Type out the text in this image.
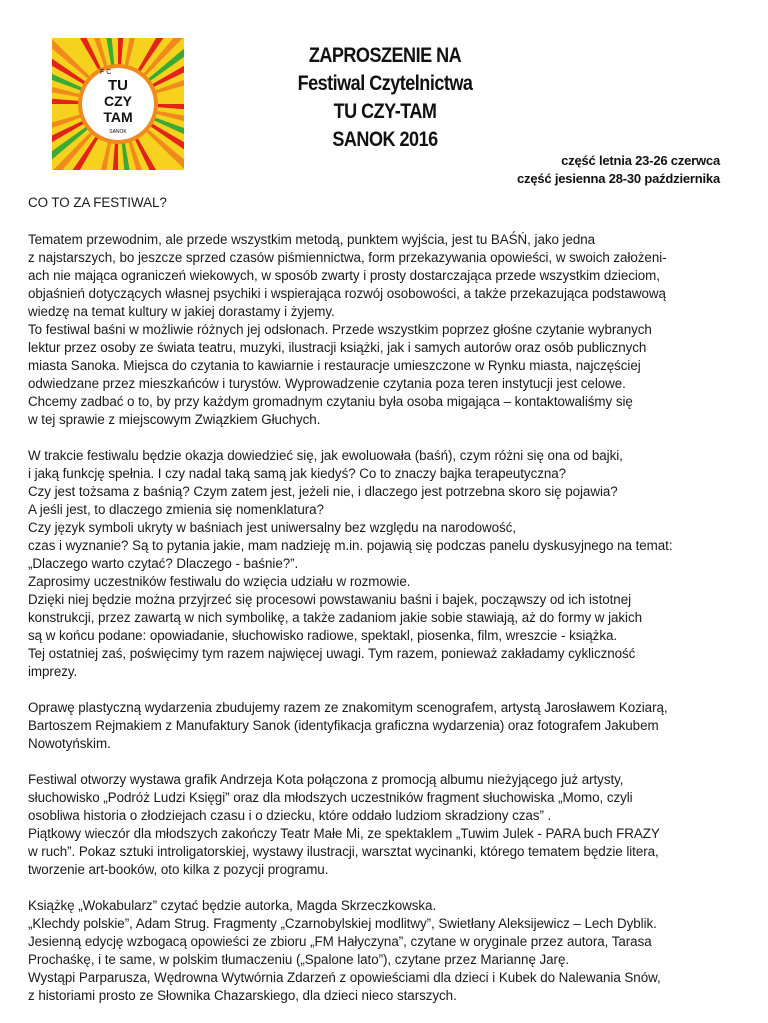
F C
TU
CZY
TAM
SANOK
ZAPROSZENIE NA
Festiwal Czytelnictwa
TU CZY-TAM
SANOK 2016
część letnia 23-26 czerwca
część jesienna 28-30 października
CO TO ZA FESTIWAL?
Tematem przewodnim, ale przede wszystkim metodą, punktem wyjścia, jest tu BAŚŃ, jako jedna
z najstarszych, bo jeszcze sprzed czasów piśmiennictwa, form przekazywania opowieści, w swoich założeni-
ach nie mająca ograniczeń wiekowych, w sposób zwarty i prosty dostarczająca przede wszystkim dzieciom,
objaśnień dotyczących własnej psychiki i wspierająca rozwój osobowości, a także przekazująca podstawową
wiedzę na temat kultury w jakiej dorastamy i żyjemy.
To festiwal baśni w możliwie różnych jej odsłonach. Przede wszystkim poprzez głośne czytanie wybranych
lektur przez osoby ze świata teatru, muzyki, ilustracji książki, jak i samych autorów oraz osób publicznych
miasta Sanoka. Miejsca do czytania to kawiarnie i restauracje umieszczone w Rynku miasta, najczęściej
odwiedzane przez mieszkańców i turystów. Wyprowadzenie czytania poza teren instytucji jest celowe.
Chcemy zadbać o to, by przy każdym gromadnym czytaniu była osoba migająca – kontaktowaliśmy się
w tej sprawie z miejscowym Związkiem Głuchych.
W trakcie festiwalu będzie okazja dowiedzieć się, jak ewoluowała (baśń), czym różni się ona od bajki,
i jaką funkcję spełnia. I czy nadal taką samą jak kiedyś? Co to znaczy bajka terapeutyczna?
Czy jest tożsama z baśnią? Czym zatem jest, jeżeli nie, i dlaczego jest potrzebna skoro się pojawia?
A jeśli jest, to dlaczego zmienia się nomenklatura?
Czy język symboli ukryty w baśniach jest uniwersalny bez względu na narodowość,
czas i wyznanie? Są to pytania jakie, mam nadzieję m.in. pojawią się podczas panelu dyskusyjnego na temat:
„Dlaczego warto czytać? Dlaczego - baśnie?”.
Zaprosimy uczestników festiwalu do wzięcia udziału w rozmowie.
Dzięki niej będzie można przyjrzeć się procesowi powstawaniu baśni i bajek, począwszy od ich istotnej
konstrukcji, przez zawartą w nich symbolikę, a także zadaniom jakie sobie stawiają, aż do formy w jakich
są w końcu podane: opowiadanie, słuchowisko radiowe, spektakl, piosenka, film, wreszcie - książka.
Tej ostatniej zaś, poświęcimy tym razem najwięcej uwagi. Tym razem, ponieważ zakładamy cykliczność
imprezy.
Oprawę plastyczną wydarzenia zbudujemy razem ze znakomitym scenografem, artystą Jarosławem Koziarą,
Bartoszem Rejmakiem z Manufaktury Sanok (identyfikacja graficzna wydarzenia) oraz fotografem Jakubem
Nowotyńskim.
Festiwal otworzy wystawa grafik Andrzeja Kota połączona z promocją albumu nieżyjącego już artysty,
słuchowisko „Podróż Ludzi Księgi” oraz dla młodszych uczestników fragment słuchowiska „Momo, czyli
osobliwa historia o złodziejach czasu i o dziecku, które oddało ludziom skradziony czas” .
Piątkowy wieczór dla młodszych zakończy Teatr Małe Mi, ze spektaklem „Tuwim Julek - PARA buch FRAZY
w ruch”. Pokaz sztuki introligatorskiej, wystawy ilustracji, warsztat wycinanki, którego tematem będzie litera,
tworzenie art-booków, oto kilka z pozycji programu.
Książkę „Wokabularz” czytać będzie autorka, Magda Skrzeczkowska.
„Klechdy polskie”, Adam Strug. Fragmenty „Czarnobylskiej modlitwy”, Swietłany Aleksijewicz – Lech Dyblik.
Jesienną edycję wzbogacą opowieści ze zbioru „FM Hałyczyna”, czytane w oryginale przez autora, Tarasa
Prochaśkę, i te same, w polskim tłumaczeniu („Spalone lato”), czytane przez Mariannę Jarę.
Wystąpi Parparusza, Wędrowna Wytwórnia Zdarzeń z opowieściami dla dzieci i Kubek do Nalewania Snów,
z historiami prosto ze Słownika Chazarskiego, dla dzieci nieco starszych.
